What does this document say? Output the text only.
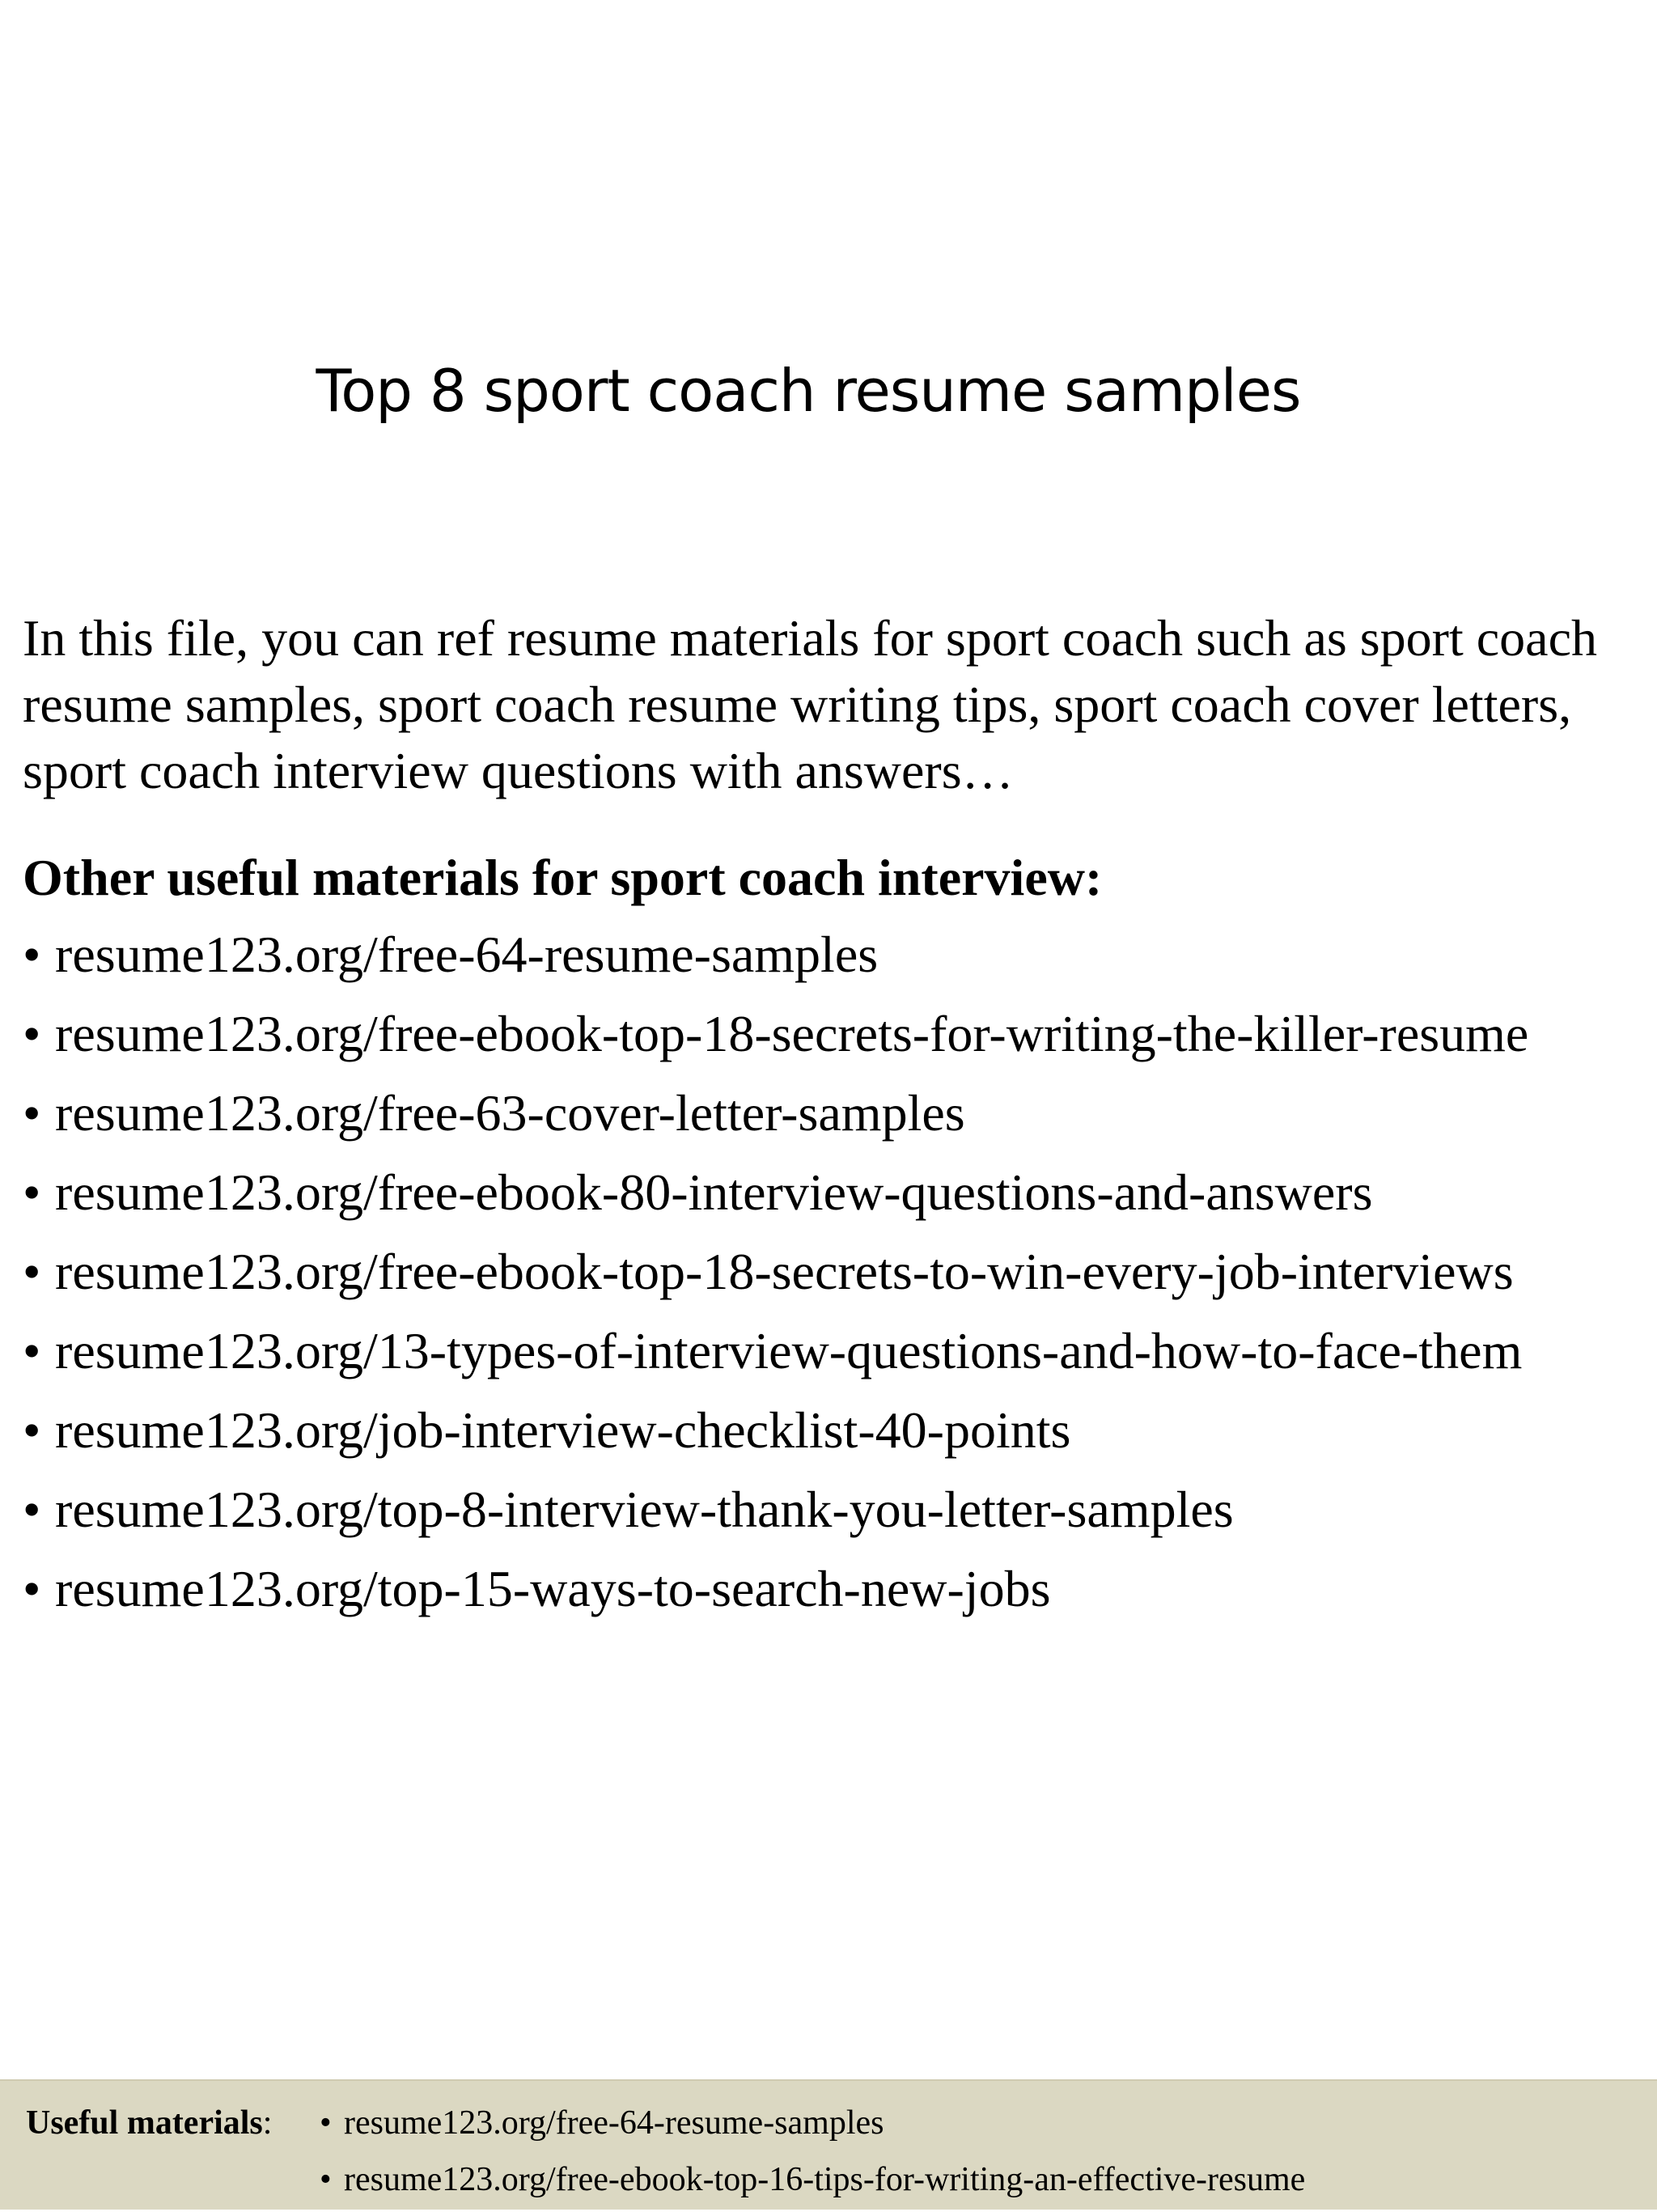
Top 8 sport coach resume samples

In this file, you can ref resume materials for sport coach such as sport coach resume samples, sport coach resume writing tips, sport coach cover letters, sport coach interview questions with answers…

Other useful materials for sport coach interview:
• resume123.org/free-64-resume-samples
• resume123.org/free-ebook-top-18-secrets-for-writing-the-killer-resume
• resume123.org/free-63-cover-letter-samples
• resume123.org/free-ebook-80-interview-questions-and-answers
• resume123.org/free-ebook-top-18-secrets-to-win-every-job-interviews
• resume123.org/13-types-of-interview-questions-and-how-to-face-them
• resume123.org/job-interview-checklist-40-points
• resume123.org/top-8-interview-thank-you-letter-samples
• resume123.org/top-15-ways-to-search-new-jobs
Useful materials: • resume123.org/free-64-resume-samples
• resume123.org/free-ebook-top-16-tips-for-writing-an-effective-resume
